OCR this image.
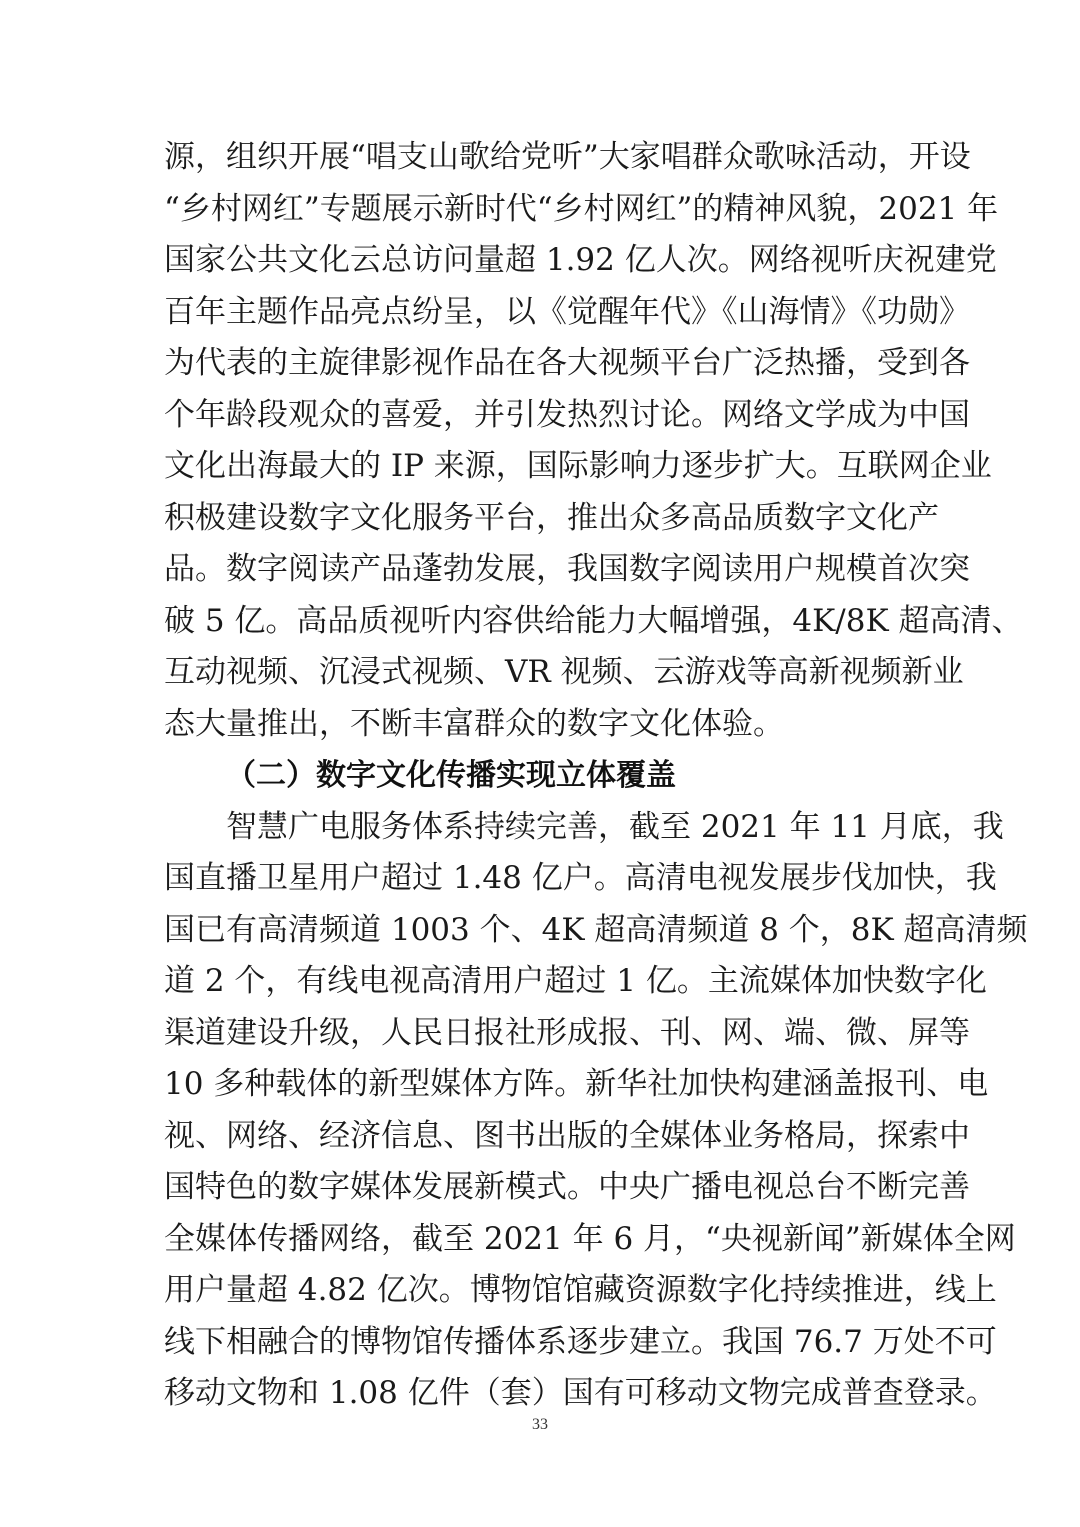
源，组织开展“唱支山歌给党听”大家唱群众歌咏活动，开设
“乡村网红”专题展示新时代“乡村网红”的精神风貌，2021 年
国家公共文化云总访问量超 1.92 亿人次。网络视听庆祝建党
百年主题作品亮点纷呈，以《觉醒年代》《山海情》《功勋》
为代表的主旋律影视作品在各大视频平台广泛热播，受到各
个年龄段观众的喜爱，并引发热烈讨论。网络文学成为中国
文化出海最大的 IP 来源，国际影响力逐步扩大。互联网企业
积极建设数字文化服务平台，推出众多高品质数字文化产
品。数字阅读产品蓬勃发展，我国数字阅读用户规模首次突
破 5 亿。高品质视听内容供给能力大幅增强，4K/8K 超高清、
互动视频、沉浸式视频、VR 视频、云游戏等高新视频新业
态大量推出，不断丰富群众的数字文化体验。
（二）数字文化传播实现立体覆盖
智慧广电服务体系持续完善，截至 2021 年 11 月底，我
国直播卫星用户超过 1.48 亿户。高清电视发展步伐加快，我
国已有高清频道 1003 个、4K 超高清频道 8 个，8K 超高清频
道 2 个，有线电视高清用户超过 1 亿。主流媒体加快数字化
渠道建设升级，人民日报社形成报、刊、网、端、微、屏等
10 多种载体的新型媒体方阵。新华社加快构建涵盖报刊、电
视、网络、经济信息、图书出版的全媒体业务格局，探索中
国特色的数字媒体发展新模式。中央广播电视总台不断完善
全媒体传播网络，截至 2021 年 6 月，“央视新闻”新媒体全网
用户量超 4.82 亿次。博物馆馆藏资源数字化持续推进，线上
线下相融合的博物馆传播体系逐步建立。我国 76.7 万处不可
移动文物和 1.08 亿件（套）国有可移动文物完成普查登录。
33
